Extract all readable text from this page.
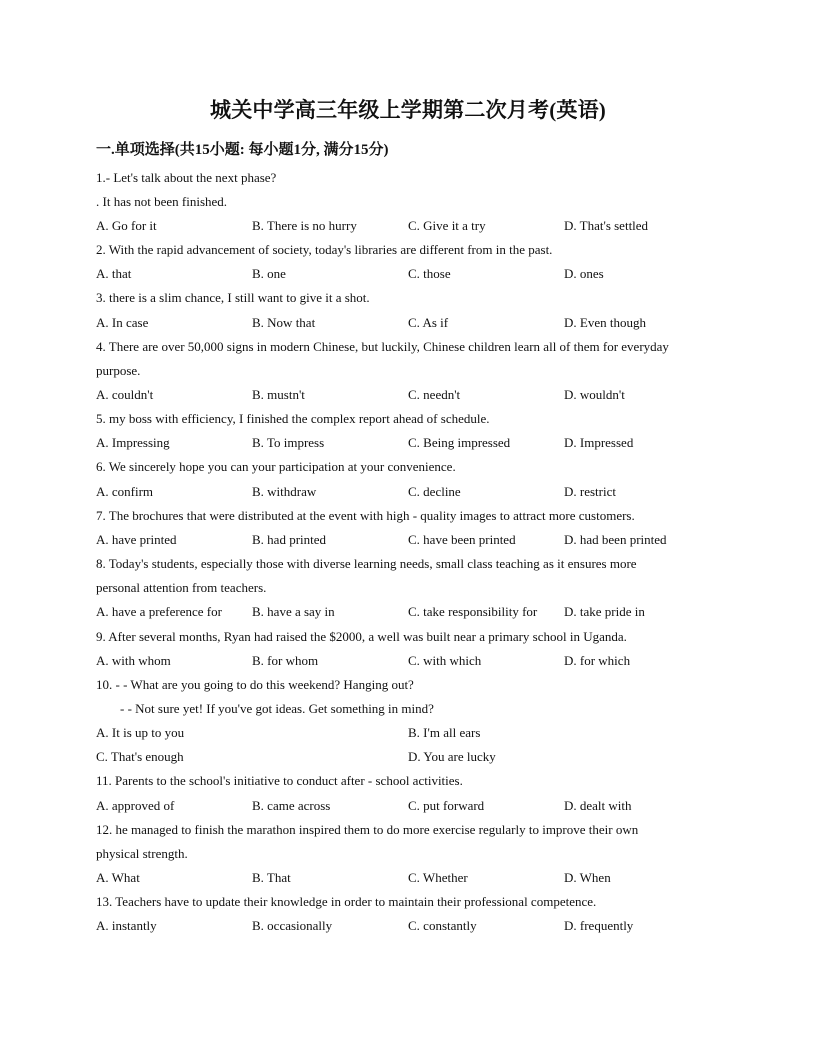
城关中学高三年级上学期第二次月考(英语)
一.单项选择(共15小题: 每小题1分, 满分15分)
1.- Let's talk about the next phase?
. It has not been finished.
A. Go for it	B. There is no hurry	C. Give it a try	D. That's settled
2. With the rapid advancement of society, today's libraries are different from in the past.
A. that	B. one	C. those	D. ones
3. there is a slim chance, I still want to give it a shot.
A. In case	B. Now that	C. As if	D. Even though
4. There are over 50,000 signs in modern Chinese, but luckily, Chinese children learn all of them for everyday
purpose.
A. couldn't	B. mustn't	C. needn't	D. wouldn't
5. my boss with efficiency, I finished the complex report ahead of schedule.
A. Impressing	B. To impress	C. Being impressed	D. Impressed
6. We sincerely hope you can your participation at your convenience.
A. confirm	B. withdraw	C. decline	D. restrict
7. The brochures that were distributed at the event with high - quality images to attract more customers.
A. have printed	B. had printed	C. have been printed	D. had been printed
8. Today's students, especially those with diverse learning needs, small class teaching as it ensures more
personal attention from teachers.
A. have a preference for B. have a say in	C. take responsibility for D. take pride in
9. After several months, Ryan had raised the $2000, a well was built near a primary school in Uganda.
A. with whom	B. for whom	C. with which	D. for which
10. - - What are you going to do this weekend? Hanging out?
- - Not sure yet! If you've got ideas. Get something in mind?
A. It is up to you	B. I'm all ears
C. That's enough	D. You are lucky
11. Parents to the school's initiative to conduct after - school activities.
A. approved of	B. came across	C. put forward	D. dealt with
12. he managed to finish the marathon inspired them to do more exercise regularly to improve their own
physical strength.
A. What	B. That	C. Whether	D. When
13. Teachers have to update their knowledge in order to maintain their professional competence.
A. instantly	B. occasionally	C. constantly	D. frequently
